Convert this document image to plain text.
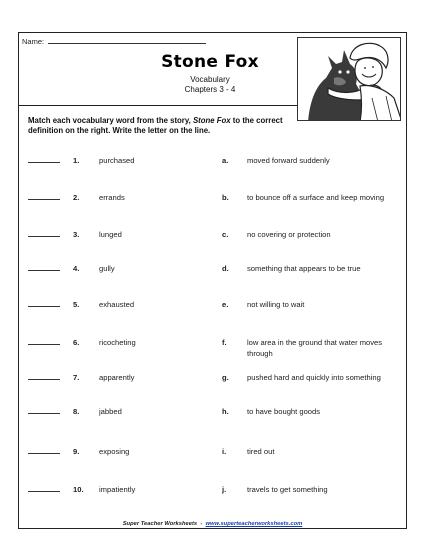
Name:
Stone Fox
Vocabulary
Chapters 3 - 4
Match each vocabulary word from the story, Stone Fox to the correct definition on the right. Write the letter on the line.
1.	purchased	a. moved forward suddenly
2.	errands	b. to bounce off a surface and keep moving
3.	lunged	c. no covering or protection
4.	gully	d. something that appears to be true
5.	exhausted	e. not willing to wait
6.	ricocheting	f.	low area in the ground that water moves through
7.	apparently	g. pushed hard and quickly into something
8.	jabbed	h. to have bought goods
9.	exposing	i.	tired out
10. impatiently	j.	travels to get something
Super Teacher Worksheets - www.superteacherworksheets.com
